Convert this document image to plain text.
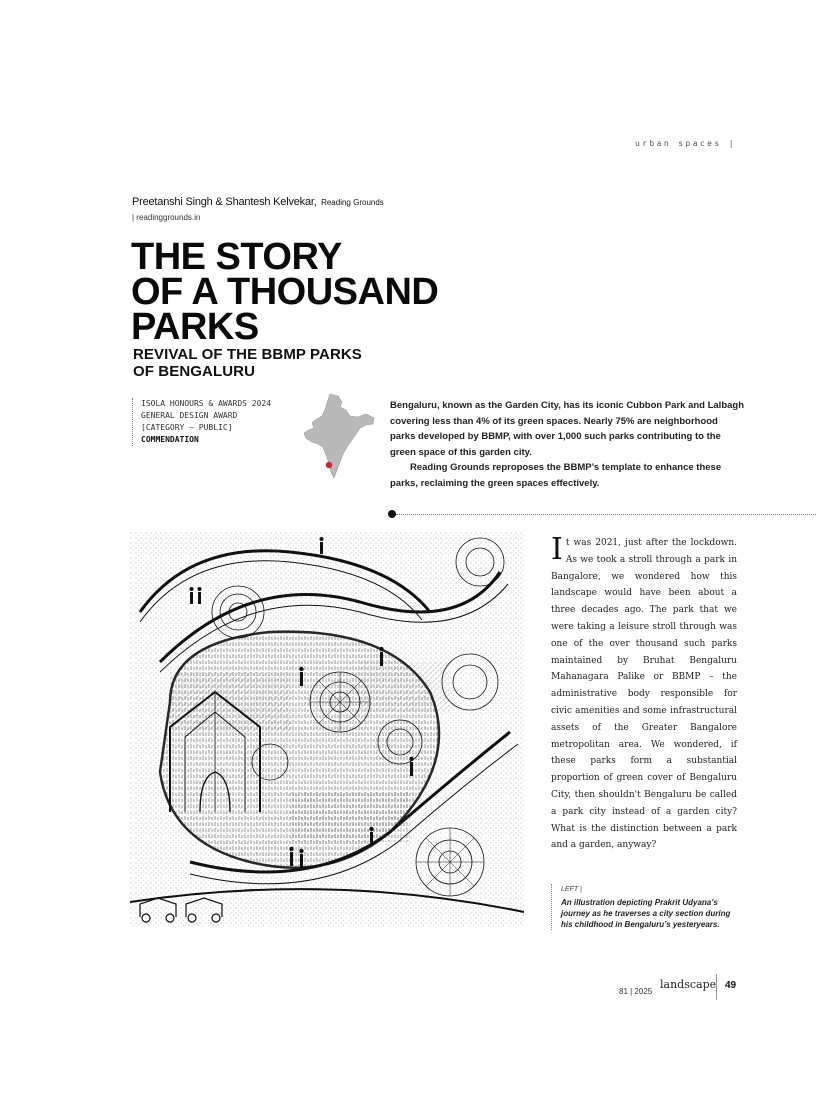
urban spaces |
Preetanshi Singh & Shantesh Kelvekar, Reading Grounds
| readinggrounds.in
THE STORY
OF A THOUSAND
PARKS
REVIVAL OF THE BBMP PARKS
OF BENGALURU
ISOLA HONOURS & AWARDS 2024
GENERAL DESIGN AWARD
[CATEGORY – PUBLIC]
COMMENDATION

Bengaluru, known as the Garden City, has its iconic Cubbon Park and Lalbagh covering less than 4% of its green spaces. Nearly 75% are neighborhood parks developed by BBMP, with over 1,000 such parks contributing to the green space of this garden city.

Reading Grounds reproposes the BBMP’s template to enhance these parks, reclaiming the green spaces effectively.

It was 2021, just after the lockdown. As we took a stroll through a park in Bangalore, we wondered how this landscape would have been about a three decades ago. The park that we were taking a leisure stroll through was one of the over thousand such parks maintained by Bruhat Bengaluru Mahanagara Palike or BBMP – the administrative body responsible for civic amenities and some infrastructural assets of the Greater Bangalore metropolitan area. We wondered, if these parks form a substantial proportion of green cover of Bengaluru City, then shouldn't Bengaluru be called a park city instead of a garden city? What is the distinction between a park and a garden, anyway?
LEFT |
An illustration depicting Prakrit Udyana’s journey as he traverses a city section during his childhood in Bengaluru’s yesteryears.
81 | 2025
landscape 49
